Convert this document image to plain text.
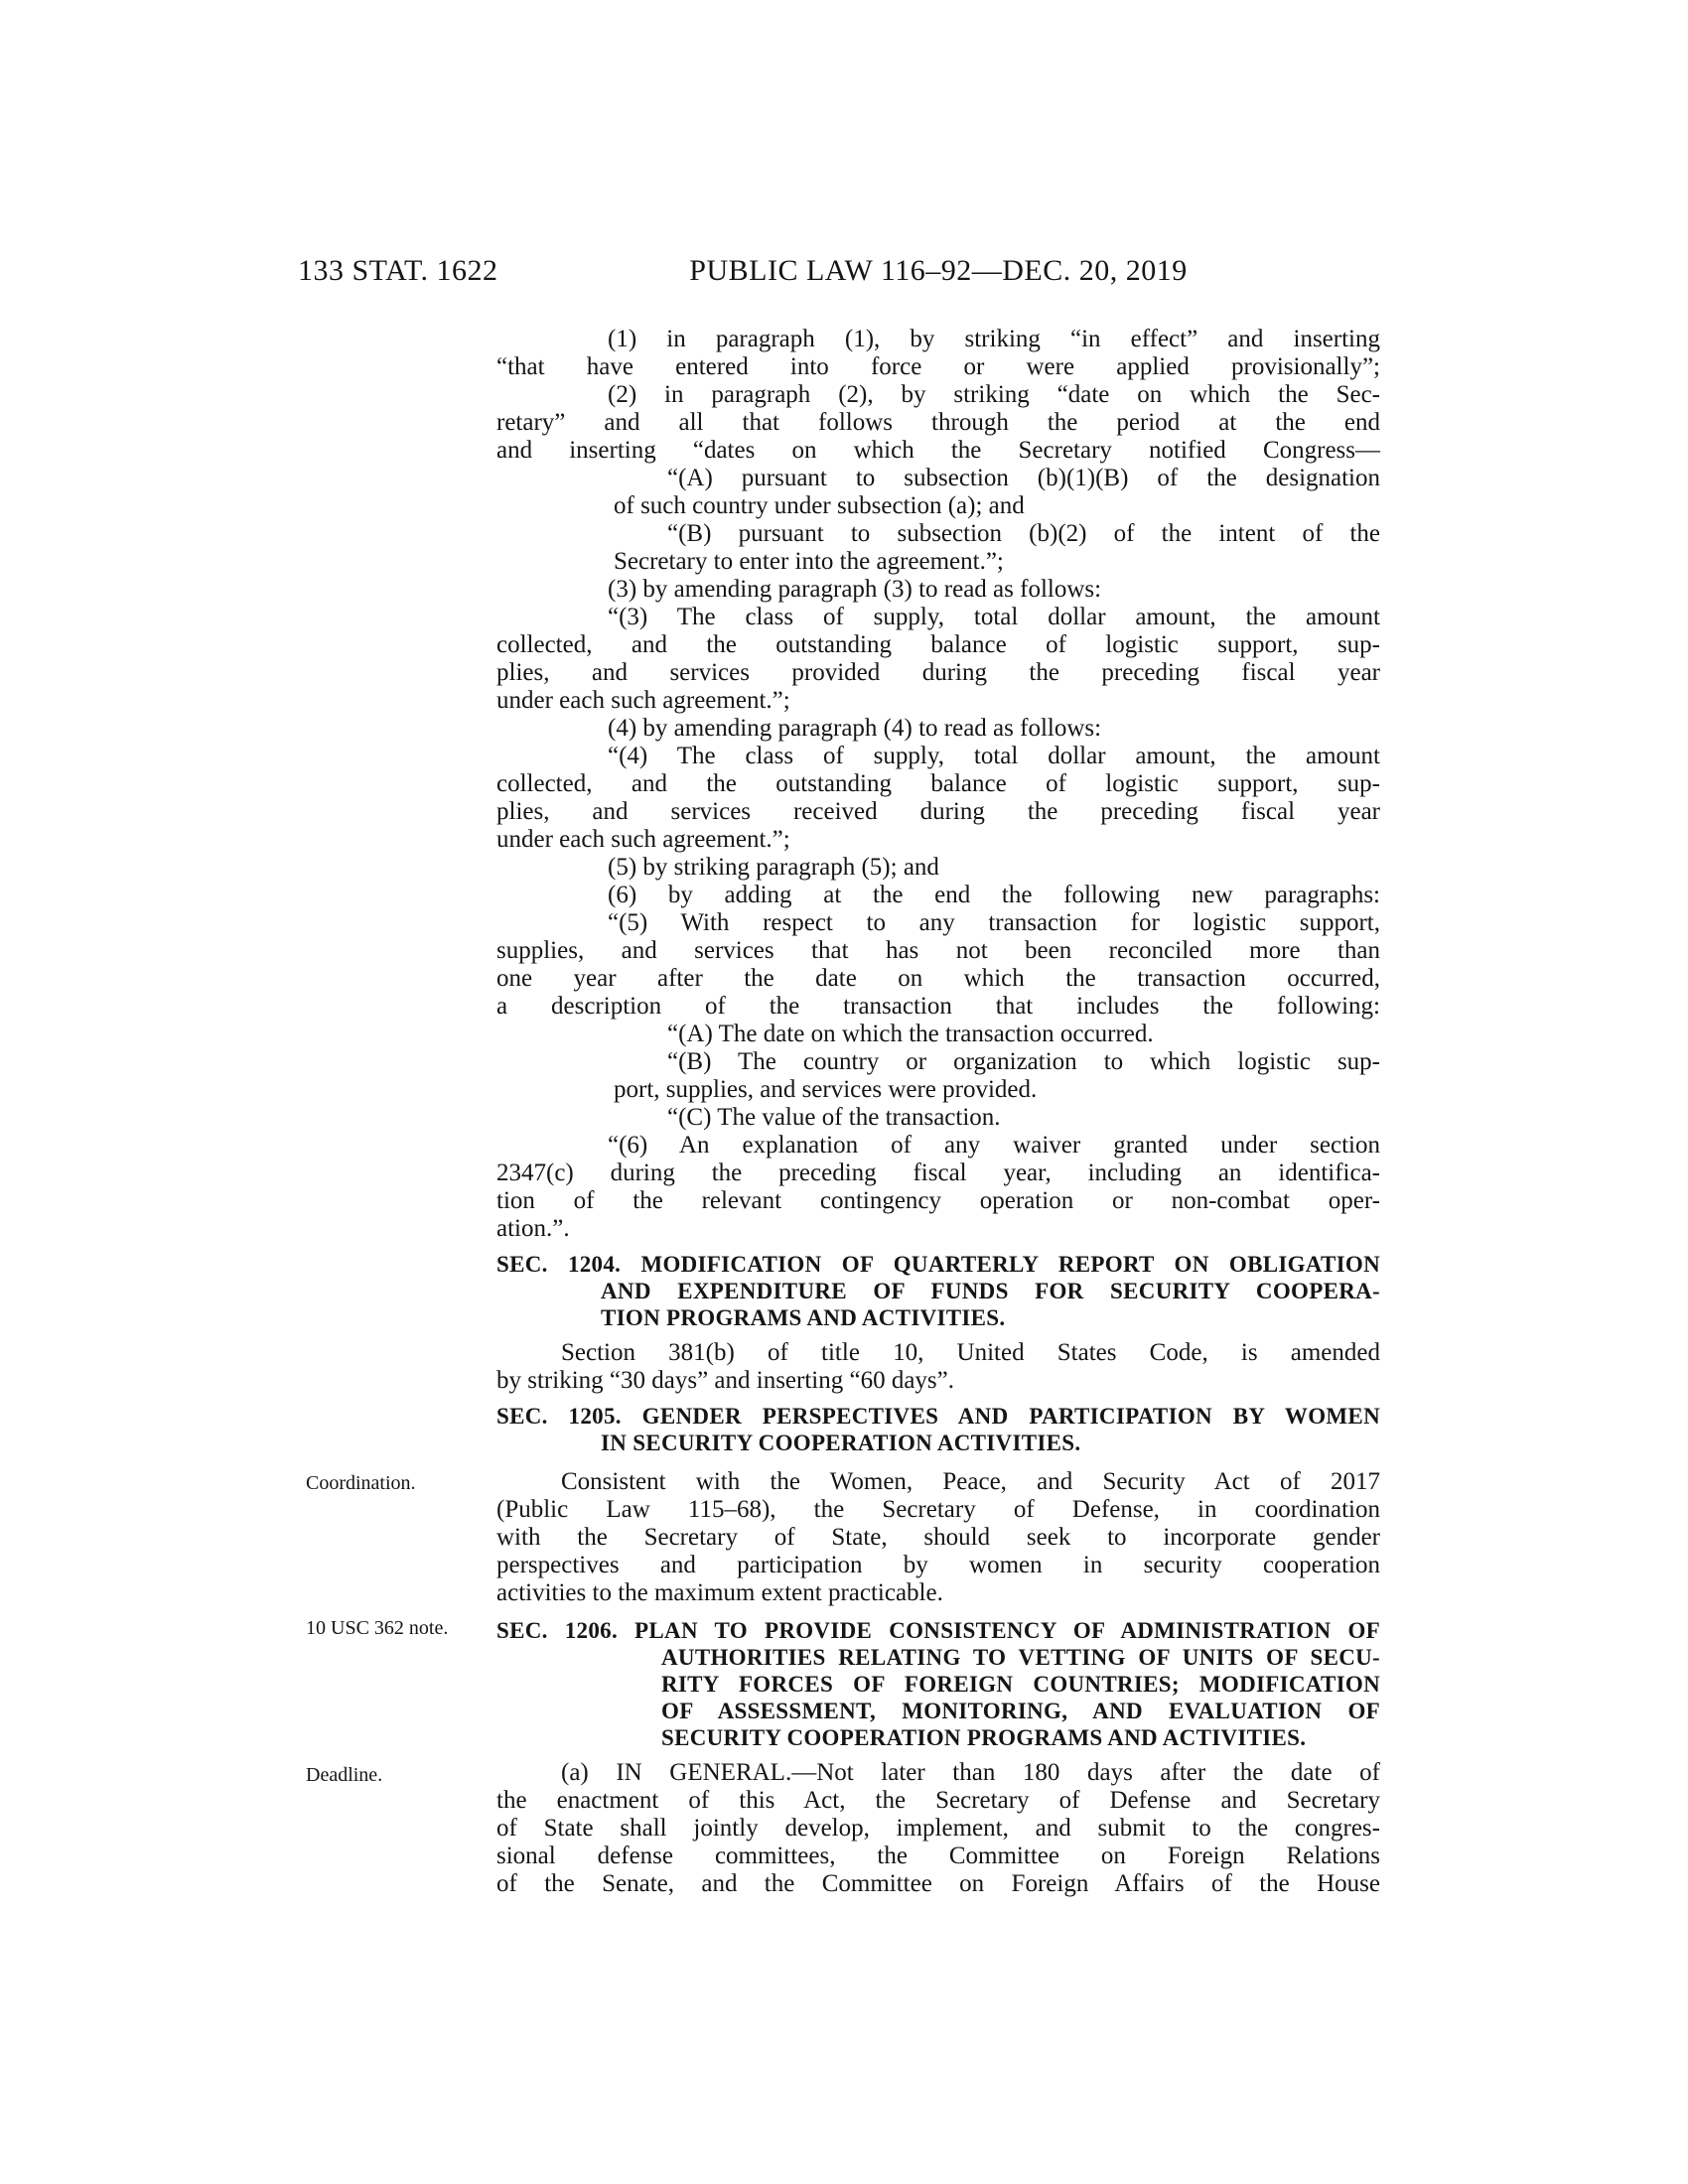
133 STAT. 1622	PUBLIC LAW 116–92—DEC. 20, 2019
(1) in paragraph (1), by striking “in effect” and inserting
“that have entered into force or were applied provisionally”;
(2) in paragraph (2), by striking “date on which the Sec-
retary” and all that follows through the period at the end
and inserting “dates on which the Secretary notified Congress—
“(A) pursuant to subsection (b)(1)(B) of the designation
of such country under subsection (a); and
“(B) pursuant to subsection (b)(2) of the intent of the
Secretary to enter into the agreement.”;
(3) by amending paragraph (3) to read as follows:
“(3) The class of supply, total dollar amount, the amount
collected, and the outstanding balance of logistic support, sup-
plies, and services provided during the preceding fiscal year
under each such agreement.”;
(4) by amending paragraph (4) to read as follows:
“(4) The class of supply, total dollar amount, the amount
collected, and the outstanding balance of logistic support, sup-
plies, and services received during the preceding fiscal year
under each such agreement.”;
(5) by striking paragraph (5); and
(6) by adding at the end the following new paragraphs:
“(5) With respect to any transaction for logistic support,
supplies, and services that has not been reconciled more than
one year after the date on which the transaction occurred,
a description of the transaction that includes the following:
“(A) The date on which the transaction occurred.
“(B) The country or organization to which logistic sup-
port, supplies, and services were provided.
“(C) The value of the transaction.
“(6) An explanation of any waiver granted under section
2347(c) during the preceding fiscal year, including an identifica-
tion of the relevant contingency operation or non-combat oper-
ation.”.
SEC. 1204. MODIFICATION OF QUARTERLY REPORT ON OBLIGATION
AND EXPENDITURE OF FUNDS FOR SECURITY COOPERA-
TION PROGRAMS AND ACTIVITIES.
Section 381(b) of title 10, United States Code, is amended
by striking “30 days” and inserting “60 days”.
SEC. 1205. GENDER PERSPECTIVES AND PARTICIPATION BY WOMEN
IN SECURITY COOPERATION ACTIVITIES.
Consistent with the Women, Peace, and Security Act of 2017
(Public Law 115–68), the Secretary of Defense, in coordination
with the Secretary of State, should seek to incorporate gender
perspectives and participation by women in security cooperation
activities to the maximum extent practicable.
SEC. 1206. PLAN TO PROVIDE CONSISTENCY OF ADMINISTRATION OF
AUTHORITIES RELATING TO VETTING OF UNITS OF SECU-
RITY FORCES OF FOREIGN COUNTRIES; MODIFICATION
OF ASSESSMENT, MONITORING, AND EVALUATION OF
SECURITY COOPERATION PROGRAMS AND ACTIVITIES.
(a) IN GENERAL.—Not later than 180 days after the date of
the enactment of this Act, the Secretary of Defense and Secretary
of State shall jointly develop, implement, and submit to the congres-
sional defense committees, the Committee on Foreign Relations
of the Senate, and the Committee on Foreign Affairs of the House
Coordination.
10 USC 362 note.
Deadline.
